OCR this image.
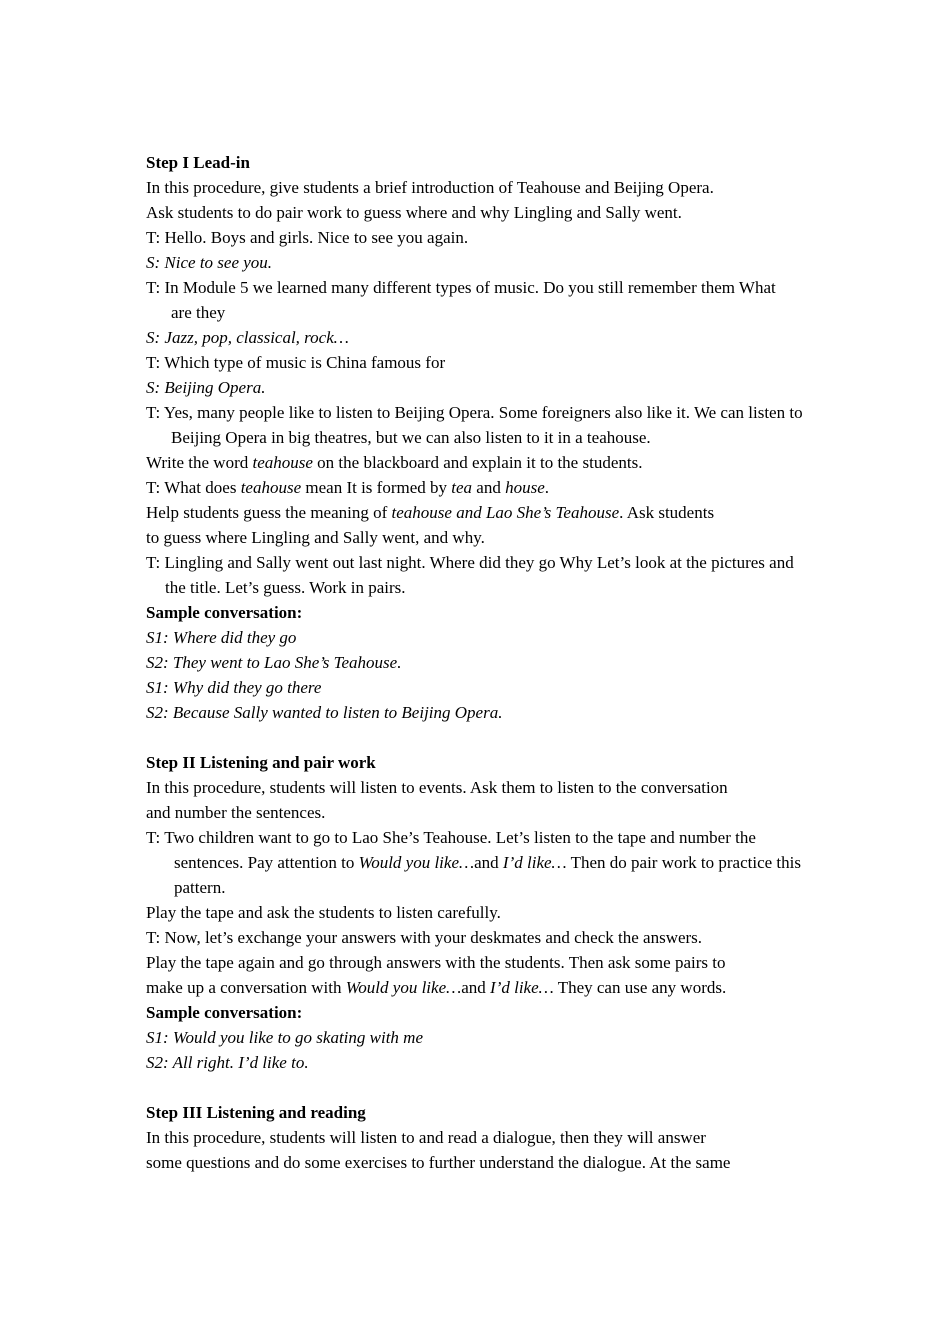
Step I Lead-in

In this procedure, give students a brief introduction of Teahouse and Beijing Opera.

Ask students to do pair work to guess where and why Lingling and Sally went.

T: Hello. Boys and girls. Nice to see you again.

S: Nice to see you.

T: In Module 5 we learned many different types of music. Do you still remember them What are they

S: Jazz, pop, classical, rock…

T: Which type of music is China famous for

S: Beijing Opera.

T: Yes, many people like to listen to Beijing Opera. Some foreigners also like it. We can listen to Beijing Opera in big theatres, but we can also listen to it in a teahouse.

Write the word teahouse on the blackboard and explain it to the students.

T: What does teahouse mean It is formed by tea and house.

Help students guess the meaning of teahouse and Lao She’s Teahouse. Ask students

to guess where Lingling and Sally went, and why.

T: Lingling and Sally went out last night. Where did they go Why Let’s look at the pictures and the title. Let’s guess. Work in pairs.

Sample conversation:

S1: Where did they go

S2: They went to Lao She’s Teahouse.

S1: Why did they go there

S2: Because Sally wanted to listen to Beijing Opera.

Step II Listening and pair work

In this procedure, students will listen to events. Ask them to listen to the conversation

and number the sentences.

T: Two children want to go to Lao She’s Teahouse. Let’s listen to the tape and number the sentences. Pay attention to Would you like…and I’d like… Then do pair work to practice this pattern.

Play the tape and ask the students to listen carefully.

T: Now, let’s exchange your answers with your deskmates and check the answers.

Play the tape again and go through answers with the students. Then ask some pairs to

make up a conversation with Would you like…and I’d like… They can use any words.

Sample conversation:

S1: Would you like to go skating with me

S2: All right. I’d like to.

Step III Listening and reading

In this procedure, students will listen to and read a dialogue, then they will answer

some questions and do some exercises to further understand the dialogue. At the same
